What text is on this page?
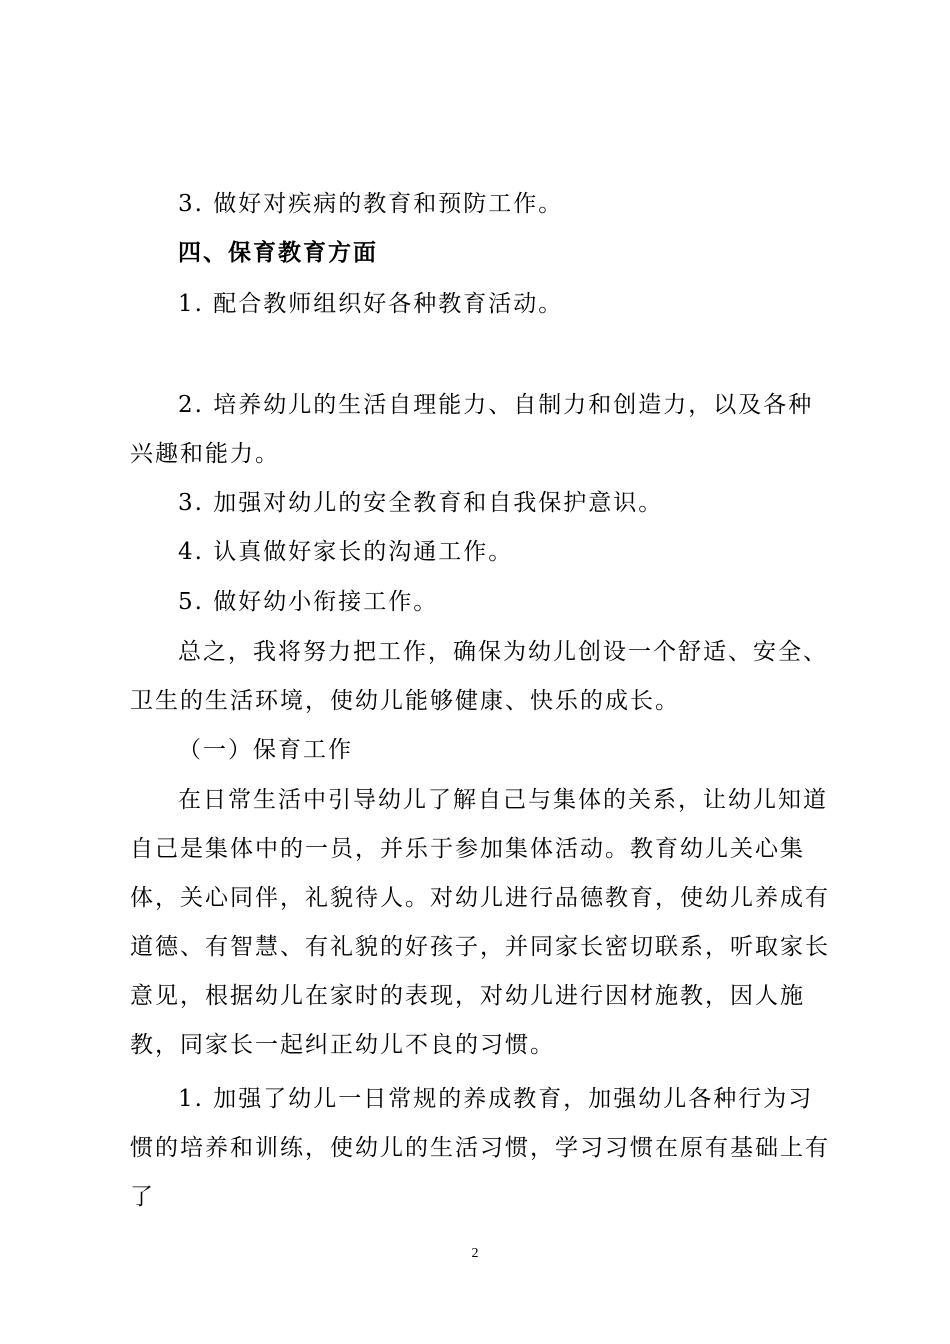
3. 做好对疾病的教育和预防工作。

四、保育教育方面

1. 配合教师组织好各种教育活动。

2. 培养幼儿的生活自理能力、自制力和创造力，以及各种兴趣和能力。

3. 加强对幼儿的安全教育和自我保护意识。

4. 认真做好家长的沟通工作。

5. 做好幼小衔接工作。

总之，我将努力把工作，确保为幼儿创设一个舒适、安全、卫生的生活环境，使幼儿能够健康、快乐的成长。

（一）保育工作

在日常生活中引导幼儿了解自己与集体的关系，让幼儿知道自己是集体中的一员，并乐于参加集体活动。教育幼儿关心集体，关心同伴，礼貌待人。对幼儿进行品德教育，使幼儿养成有道德、有智慧、有礼貌的好孩子，并同家长密切联系，听取家长意见，根据幼儿在家时的表现，对幼儿进行因材施教，因人施教，同家长一起纠正幼儿不良的习惯。

1. 加强了幼儿一日常规的养成教育，加强幼儿各种行为习惯的培养和训练，使幼儿的生活习惯，学习习惯在原有基础上有了

2
